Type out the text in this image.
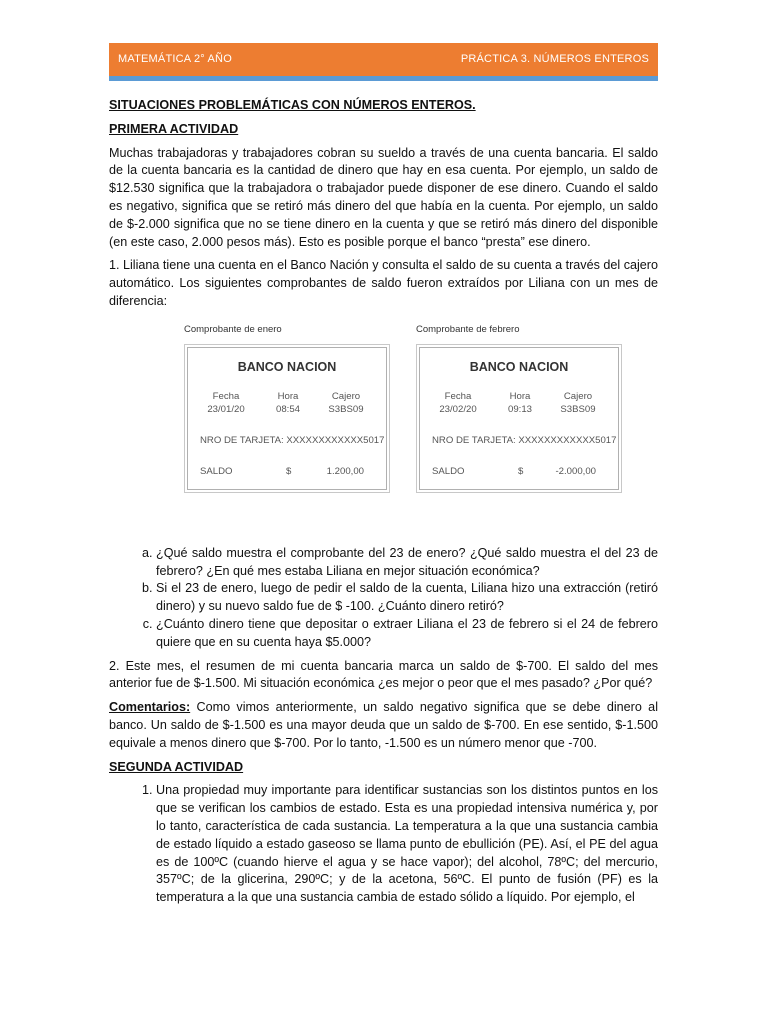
MATEMÁTICA 2° AÑO	PRÁCTICA 3. NÚMEROS ENTEROS
SITUACIONES PROBLEMÁTICAS CON NÚMEROS ENTEROS.
PRIMERA ACTIVIDAD

Muchas trabajadoras y trabajadores cobran su sueldo a través de una cuenta bancaria. El saldo de la cuenta bancaria es la cantidad de dinero que hay en esa cuenta. Por ejemplo, un saldo de $12.530 significa que la trabajadora o trabajador puede disponer de ese dinero. Cuando el saldo es negativo, significa que se retiró más dinero del que había en la cuenta. Por ejemplo, un saldo de $-2.000 significa que no se tiene dinero en la cuenta y que se retiró más dinero del disponible (en este caso, 2.000 pesos más). Esto es posible porque el banco “presta” ese dinero.

1. Liliana tiene una cuenta en el Banco Nación y consulta el saldo de su cuenta a través del cajero automático. Los siguientes comprobantes de saldo fueron extraídos por Liliana con un mes de diferencia:

Comprobante de enero
BANCO NACION
Fecha	Hora	Cajero
23/01/20	08:54	S3BS09
NRO DE TARJETA: XXXXXXXXXXXX5017
SALDO	$	1.200,00
Comprobante de febrero
BANCO NACION
Fecha	Hora	Cajero
23/02/20	09:13	S3BS09
NRO DE TARJETA: XXXXXXXXXXXX5017
SALDO	$	-2.000,00
a. ¿Qué saldo muestra el comprobante del 23 de enero? ¿Qué saldo muestra el del 23 de febrero? ¿En qué mes estaba Liliana en mejor situación económica?
b. Si el 23 de enero, luego de pedir el saldo de la cuenta, Liliana hizo una extracción (retiró dinero) y su nuevo saldo fue de $ -100. ¿Cuánto dinero retiró?
c. ¿Cuánto dinero tiene que depositar o extraer Liliana el 23 de febrero si el 24 de febrero quiere que en su cuenta haya $5.000?

2. Este mes, el resumen de mi cuenta bancaria marca un saldo de $-700. El saldo del mes anterior fue de $-1.500. Mi situación económica ¿es mejor o peor que el mes pasado? ¿Por qué?

Comentarios: Como vimos anteriormente, un saldo negativo significa que se debe dinero al banco. Un saldo de $-1.500 es una mayor deuda que un saldo de $-700. En ese sentido, $-1.500 equivale a menos dinero que $-700. Por lo tanto, -1.500 es un número menor que -700.

SEGUNDA ACTIVIDAD
1. Una propiedad muy importante para identificar sustancias son los distintos puntos en los que se verifican los cambios de estado. Esta es una propiedad intensiva numérica y, por lo tanto, característica de cada sustancia. La temperatura a la que una sustancia cambia de estado líquido a estado gaseoso se llama punto de ebullición (PE). Así, el PE del agua es de 100ºC (cuando hierve el agua y se hace vapor); del alcohol, 78ºC; del mercurio, 357ºC; de la glicerina, 290ºC; y de la acetona, 56ºC. El punto de fusión (PF) es la temperatura a la que una sustancia cambia de estado sólido a líquido. Por ejemplo, el
